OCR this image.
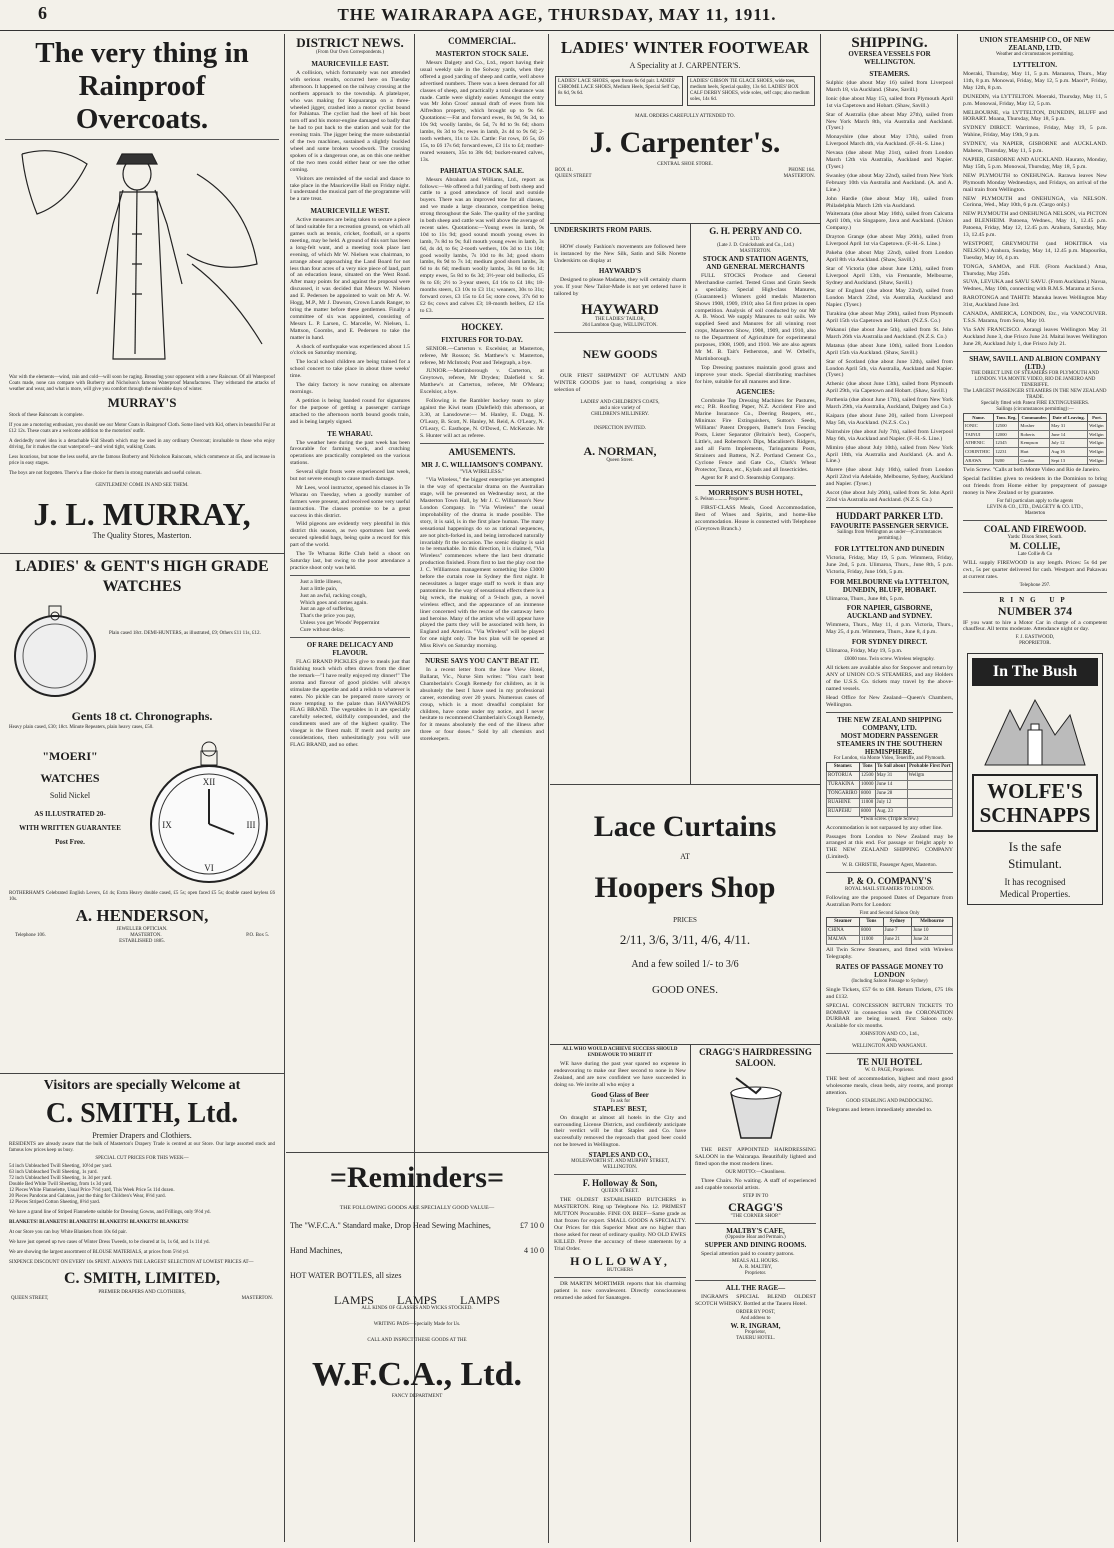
6	THE WAIRARAPA AGE, THURSDAY, MAY 11, 1911.
The very thing in Rainproof Overcoats.
War with the elements—wind, rain and cold—will soon be raging. Breasting your opponent with a new Raincoat. Of all Waterproof Coats made, none can compare with Burberry and Nicholson's famous Waterproof Manufactures. They withstand the attacks of weather and wear, and what is more, will give you comfort through the miserable days of winter.
MURRAY'S
Stock of these Raincoats is complete.
If you are a motoring enthusiast, you should see our Motor Coats in Rainproof Cloth. Some lined with Kid, others in beautiful Fur at £12 12s. These coats are a welcome addition to the motorists' outfit.
A decidedly novel idea is a detachable Kid Sheath which may be used in any ordinary Overcoat; invaluable to those who enjoy driving, for it makes the coat waterproof—and wind tight, walking Coats.
Less luxurious, but none the less useful, are the famous Burberry and Nicholson Raincoats, which commence at 45s, and increase in price in easy stages.
The boys are not forgotten. There's a fine choice for them in strong materials and useful colours.
GENTLEMEN! COME IN AND SEE THEM.
J. L. MURRAY,
The Quality Stores, Masterton.
LADIES' & GENT'S HIGH GRADE WATCHES
Plain cased 18ct. DEMI-HUNTERS, as illustrated, £9; Others £11 11s, £12.
Gents 18 ct. Chronographs.
Heavy plain cased, £30; 18ct. Minute Repeaters, plain heavy cases, £50.
"MOERI"
WATCHES
Solid Nickel
AS ILLUSTRATED 20-
WITH WRITTEN GUARANTEE
Post Free.
XII
III
VI
IX
ROTHERHAM'S Celebrated English Levers, £4 4s; Extra Heavy double cased, £5 5s; open faced £5 5s; double cased keyless £6 10s.
A. HENDERSON,
JEWELLER OPTICIAN.
Telephone 106.	MASTERTON.	P.O. Box 5.
ESTABLISHED 1885.
Visitors are specially Welcome at
C. SMITH, Ltd.
Premier Drapers and Clothiers.
RESIDENTS are already aware that the bulk of Masterton's Drapery Trade is centred at our Store. Our large assorted stock and famous low prices keep us busy.
SPECIAL CUT PRICES FOR THIS WEEK—
54 inch Unbleached Twill Sheeting, 10½d per yard.
63 inch Unbleached Twill Sheeting, 1s yard.
72 inch Unbleached Twill Sheeting, 1s 3d per yard.
Double Bed White Twill Sheeting, from 1s 3d yard.
12 Pieces White Flannelette, Usual Price 7½d yard, This Week Price 5s 11d dozen.
20 Pieces Pandoras and Galateas, just the thing for Children's Wear, 8½d yard.
12 Pieces Striped Cotton Sheeting, 8½d yard.
We have a grand line of Striped Flannelette suitable for Dressing Gowns, and Frillings, only 9½d yd.
BLANKETS! BLANKETS! BLANKETS! BLANKETS! BLANKETS! BLANKETS!
At our Store you can buy White Blankets from 10s 6d pair.
We have just opened up two cases of Winter Dress Tweeds, to be cleared at 1s, 1s 6d, and 1s 11d yd.
We are showing the largest assortment of BLOUSE MATERIALS, at prices from 5½d yd.
SIXPENCE DISCOUNT ON EVERY 10s SPENT. ALWAYS THE LARGEST SELECTION AT LOWEST PRICES AT—
C. SMITH, LIMITED,
PREMIER DRAPERS AND CLOTHIERS,
QUEEN STREET,	MASTERTON.
DISTRICT NEWS.
(From Our Own Correspondents.)
MAURICEVILLE EAST.
A collision, which fortunately was not attended with serious results, occurred here on Tuesday afternoon. It happened on the railway crossing at the northern approach to the township. A platelayer, who was making for Kopuaranga on a three-wheeled jigger, crashed into a motor cyclist bound for Pahiatua. The cyclist had the heel of his boot torn off and his motor-engine damaged so badly that he had to put back to the station and wait for the evening train. The jigger being the more substantial of the two machines, sustained a slightly buckled wheel and some broken woodwork. The crossing spoken of is a dangerous one, as on this one neither of the two men could either hear or see the other coming.
Visitors are reminded of the social and dance to take place in the Mauriceville Hall on Friday night. I understand the musical part of the programme will be a rare treat.
MAURICEVILLE WEST.
Active measures are being taken to secure a piece of land suitable for a recreation ground, on which all games such as tennis, cricket, football, or a sports meeting, may be held. A ground of this sort has been a long-felt want, and a meeting took place last evening, of which Mr W. Nielsen was chairman, to arrange about approaching the Land Board for not less than four acres of a very nice piece of land, part of an education lease, situated on the West Road. After many points for and against the proposal were discussed, it was decided that Messrs W. Nielsen and E. Pedersen be appointed to wait on Mr A. W. Hogg, M.P., Mr J. Dawson, Crown Lands Ranger, to bring the matter before these gentlemen. Finally a committee of six was appointed, consisting of Messrs L. P. Larsen, C. Marcelle, W. Nielsen, L. Mattson, Coombs, and E. Pedersen to take the matter in hand.
A shock of earthquake was experienced about 1.5 o'clock on Saturday morning.
The local school children are being trained for a school concert to take place in about three weeks' time.
The dairy factory is now running on alternate mornings.
A petition is being handed round for signatures for the purpose of getting a passenger carriage attached to the afternoon north bound goods train, and is being largely signed.
TE WHARAU.
The weather here during the past week has been favourable for farming work, and crutching operations are practically completed on the various stations.
Several slight frosts were experienced last week, but not severe enough to cause much damage.
Mr Lees, wool instructor, opened his classes in Te Wharau on Tuesday, when a goodly number of farmers were present, and received some very useful instruction. The classes promise to be a great success in this district.
Wild pigeons are evidently very plentiful in this district this season, as two sportsmen last week secured splendid bags, being quite a record for this part of the world.
The Te Wharau Rifle Club held a shoot on Saturday last, but owing to the poor attendance a practice shoot only was held.
Just a little illness,
Just a little pain,
Just an awful, racking cough,
Which goes and comes again.
Just an age of suffering,
That's the price you pay,
Unless you get Woods' Peppermint
Cure without delay.
OF RARE DELICACY AND FLAVOUR.
FLAG BRAND PICKLES give to meals just that finishing touch which often draws from the diner the remark—"I have really enjoyed my dinner!" The aroma and flavour of good pickles will always stimulate the appetite and add a relish to whatever is eaten. No pickle can be prepared more savory or more tempting to the palate than HAYWARD'S FLAG BRAND. The vegetables in it are specially carefully selected, skilfully compounded, and the condiments used are of the highest quality. The vinegar is the finest malt. If merit and purity are considerations, then unhesitatingly you will use FLAG BRAND, and no other.
COMMERCIAL.
MASTERTON STOCK SALE.
Messrs Dalgety and Co., Ltd., report having their usual weekly sale in the Solway yards, when they offered a good yarding of sheep and cattle, well above advertised numbers. There was a keen demand for all classes of sheep, and practically a total clearance was made. Cattle were slightly easier. Amongst the entry was Mr John Cross' annual draft of ewes from his Alfredton property, which brought up to 9s 6d. Quotations:—Fat and forward ewes, 8s 9d, 9s 3d, to 10s 9d; woolly lambs, 6s 5d, 7s 8d to 9s 6d; shorn lambs, 8s 3d to 9s; ewes in lamb, 2s 4d to 9s 6d; 2-tooth wethers, 11s to 12s. Cattle: Fat rows, £6 5s, £6 15s, to £6 17s 6d; forward ewes, £3 11s to £4; mother-reared weaners, 35s to 38s 6d; bucket-reared calves, 13s.
PAHIATUA STOCK SALE.
Messrs Abraham and Williams, Ltd., report as follows:—We offered a full yarding of both sheep and cattle to a good attendance of local and outside buyers. There was an improved tone for all classes, and we made a large clearance, competition being strong throughout the Sale. The quality of the yarding in both sheep and cattle was well above the average of recent sales. Quotations:—Young ewes in lamb, 9s 10d to 11s 9d; good sound mouth young ewes in lamb, 7s 8d to 9s; full mouth young ewes in lamb, 3s 6d, 4s 4d, to 6s; 2-tooth wethers, 10s 3d to 11s 10d; good woolly lambs, 7s 10d to 8s 3d; good shorn lambs, 8s 9d to 7s 1d; medium good shorn lambs, 3s 6d to 4s 6d; medium woolly lambs, 3s 8d to 6s 1d; empty ewes, 5s 8d to 6s 3d; 3½-year old bullocks, £5 8s to £6; 2½ to 3-year steers, £4 16s to £4 18s; 18-months steers, £3 10s to £3 11s; weaners, 30s to 31s; forward cows, £3 15s to £4 5s; store cows, 37s 6d to £2 6s; cows and calves £3; 18-month heifers, £2 15s to £3.
HOCKEY.
FIXTURES FOR TO-DAY.
SENIOR.—Carterton v. Excelsior, at Masterton, referee, Mr Rosson; St. Matthew's v. Masterton, referee, Mr McIntosh; Post and Telegraph, a bye.
JUNIOR.—Martinborough v. Carterton, at Greytown, referee, Mr Dryden; Dalefield v. St. Matthew's at Carterton, referee, Mr O'Meara; Excelsior, a bye.
Following is the Rambler hockey team to play against the Kiwi team (Dalefield) this afternoon, at 3.30, at Lansdowne:— M. Hanley, E. Dagg, N. O'Leary, B. Scott, N. Hanley, M. Reid, A. O'Leary, N. O'Leary, C. Easthope, N. O'Dowd, C. McKenzie. Mr S. Hunter will act as referee.
AMUSEMENTS.
MR J. C. WILLIAMSON'S COMPANY.
"VIA WIRELESS."
"Via Wireless," the biggest enterprise yet attempted in the way of spectacular drama on the Australian stage, will be presented on Wednesday next, at the Masterton Town Hall, by Mr J. C. Williamson's New London Company. In "Via Wireless" the usual improbability of the drama is made possible. The story, it is said, is in the first place human. The many sensational happenings do so as rational sequences, are not pitch-forked in, and being introduced naturally invariably fit the occasion. The scenic display is said to be remarkable. In this direction, it is claimed, "Via Wireless" commences where the last best dramatic production finished. From first to last the play cost the J. C. Williamson management something like £3000 before the curtain rose in Sydney the first night. It necessitates a larger stage staff to work it than any pantomime. In the way of sensational effects there is a big wreck, the making of a 9-inch gun, a novel wireless effect, and the appearance of an immense liner concerned with the rescue of the castaway hero and heroine. Many of the artists who will appear have played the parts they will be associated with here, in England and America. "Via Wireless" will be played for one night only. The box plan will be opened at Miss Rive's on Saturday morning.
NURSE SAYS YOU CAN'T BEAT IT.
In a recent letter from the Inne View Hotel, Ballarat, Vic., Nurse Sim writes: "You can't beat Chamberlain's Cough Remedy for children, as it is absolutely the best I have used in my professional career, extending over 20 years. Numerous cases of croup, which is a most dreadful complaint for children, have come under my notice, and I never hesitate to recommend Chamberlain's Cough Remedy, for it means absolutely the end of the illness after three or four doses." Sold by all chemists and storekeepers.
=Reminders=
THE FOLLOWING GOODS ARE SPECIALLY GOOD VALUE—
The "W.F.C.A." Standard make, Drop Head Sewing Machines,	£7 10 0
Hand Machines,	4 10 0
HOT WATER BOTTLES, all sizes
LAMPS LAMPS LAMPS
ALL KINDS OF GLASSES AND WICKS STOCKED.
WRITING PADS—Specially Made for Us.
CALL AND INSPECT THESE GOODS AT THE
W.F.C.A., Ltd.
FANCY DEPARTMENT
LADIES' WINTER FOOTWEAR
A Speciality at J. CARPENTER'S.
LADIES' LACE SHOES, open fronts 6s 6d pair. LADIES' CHROME LACE SHOES, Medium Heels, Special Self Cap, 8s 6d, 9s 6d.
LADIES' GIBSON TIE GLACE SHOES, wide toes, medium heels, Special quality, 13s 6d. LADIES' BOX CALF DERBY SHOES, wide soles, self caps; also medium soles, 14s 6d.
MAIL ORDERS CAREFULLY ATTENDED TO.
J. Carpenter's.
CENTRAL SHOE STORE.
BOX 41.	PHONE 164.
QUEEN STREET	MASTERTON.
UNDERSKIRTS FROM PARIS.
HOW closely Fashion's movements are followed here is instanced by the New Silk, Satin and Silk Norette Underskirts on display at
HAYWARD'S
Designed to please Madame, they will certainly charm you. If your New Tailor-Made is not yet ordered have it tailored by
HAYWARD
THE LADIES' TAILOR,
204 Lambton Quay, WELLINGTON.
NEW GOODS
OUR FIRST SHIPMENT OF AUTUMN AND WINTER GOODS just to hand, comprising a nice selection of
LADIES' AND CHILDREN'S COATS,
and a nice variety of
CHILDREN'S MILLINERY.
INSPECTION INVITED.
A. NORMAN,
Queen Street.
G. H. PERRY AND CO.
LTD.
(Late J. D. Cruickshank and Co., Ltd.)
MASTERTON.
STOCK AND STATION AGENTS, AND GENERAL MERCHANTS
FULL STOCKS Produce and General Merchandise carried. Tested Grass and Grain Seeds a speciality. Special High-class Manures, (Guaranteed.) Winners gold medals Masterton Shows 1908, 1909, 1910; also 54 first prizes in open competition. Analysis of soil conducted by our Mr A. B. Wood. We supply Manures to suit soils. We supplied Seed and Manures for all winning root crops, Masterton Show, 1908, 1909, and 1910, also to the Department of Agriculture for experimental purposes, 1908, 1909, and 1910. We are also agents Mr M. B. Tait's Fetherston, and W. Orbell's, Martinborough.
Top Dressing pastures maintain good grass and improve your stock. Special distributing machines for hire, suitable for all manures and lime.
AGENCIES:
Cornbrake Top Dressing Machines for Pastures, etc.; P.B. Roofing Paper, N.Z. Accident Fire and Marine Insurance Co., Deering Reapers, etc., Minimax Fire Extinguishers, Sutton's Seeds, Williams' Patent Droppers, Butter's Iron Fencing Posts, Lister Separator (Britain's best), Cooper's, Little's, and Robertson's Dips, Macalister's Ridgers, and all Farm Implements, Taringamutu Posts, Strainers and Battens, N.Z. Portland Cement Co., Cyclone Fence and Gate Co., Clark's Wheat Protector, Tanza, etc., Kylads and all Insecticides.
Agent for P. and O. Steamship Company.
MORRISON'S BUSH HOTEL,
S. Pelson .......... Proprietor.
FIRST-CLASS Meals, Good Accommodation, Best of Wines and Spirits, and home-like accommodation. House is connected with Telephone (Greytown Branch.)
Lace Curtains
AT
Hoopers Shop
PRICES
2/11, 3/6, 3/11, 4/6, 4/11.
And a few soiled 1/- to 3/6
GOOD ONES.
ALL WHO WOULD ACHIEVE SUCCESS SHOULD ENDEAVOUR TO MERIT IT
WE have during the past year spared no expense in endeavouring to make our Beer second to none in New Zealand, and are now confident we have succeeded in doing so. We invite all who enjoy a
Good Glass of Beer
To ask for
STAPLES' BEST,
On draught at almost all hotels in the City and surrounding License Districts, and confidently anticipate their verdict will be that Staples and Co. have successfully removed the reproach that good beer could not be brewed in Wellington.
STAPLES AND CO.,
MOLESWORTH ST. AND MURPHY STREET,
WELLINGTON.
F. Holloway & Son,
QUEEN STREET.
THE OLDEST ESTABLISHED BUTCHERS in MASTERTON. Ring up Telephone No. 12. PRIMEST MUTTON Procurable. FINE OX BEEF—Same grade as that frozen for export. SMALL GOODS A SPECIALTY. Our Prices for this Superior Meat are no higher than those asked for meat of ordinary quality. NO OLD EWES KILLED. Prove the accuracy of these statements by a Trial Order.
HOLLOWAY,
BUTCHERS
DR MARTIN MORTIMER reports that his charming patient is now convalescent. Directly consciousness returned she asked for Sanatogen.
CRAGG'S HAIRDRESSING SALOON.
THE BEST APPOINTED HAIRDRESSING SALOON in the Wairarapa. Beautifully lighted and fitted upon the most modern lines.
OUR MOTTO:—Cleanliness.
Three Chairs. No waiting. A staff of experienced and capable tonsorial artists.
STEP IN TO
CRAGG'S
"THE CORNER SHOP."
MALTBY'S CAFE,
(Opposite Hoar and Permain.)
SUPPER AND DINING ROOMS.
Special attention paid to country patrons.
MEALS ALL HOURS.
A. R. MALTBY,
Proprietor.
ALL THE RAGE—
INGRAM'S SPECIAL BLEND OLDEST SCOTCH WHISKY. Bottled at the Taueru Hotel.
ORDER BY POST,
And address to
W. R. INGRAM,
Proprietor,
TAUERU HOTEL.
SHIPPING.
OVERSEA VESSELS FOR WELLINGTON.
STEAMERS.
Sulphic (due about May 16) sailed from Liverpool March 18, via Auckland. (Shaw, Savill.)
Ionic (due about May 15), sailed from Plymouth April 1st via Capetown and Hobart. (Shaw, Savill.)
Star of Australia (due about May 27th), sailed from New York March 8th, via Australia and Auckland. (Tyser.)
Monayshire (due about May 17th), sailed from Liverpool March 4th, via Auckland. (F.-H.-S. Line.)
Nevasa (due about May 21st), sailed from London March 12th via Australia, Auckland and Napier. (Tyser.)
Swanley (due about May 22nd), sailed from New York February 10th via Australia and Auckland. (A. and A. Line.)
John Hardie (due about May 18), sailed from Philadelphia March 12th via Auckland.
Waitemata (due about May 16th), sailed from Calcutta April 10th, via Singapore, Java and Auckland. (Union Company.)
Drayton Grange (due about May 26th), sailed from Liverpool April 1st via Capetown. (F.-H.-S. Line.)
Pakeha (due about May 22nd), sailed from London April 8th via Auckland. (Shaw, Savill.)
Star of Victoria (due about June 12th), sailed from Liverpool April 13th, via Fremantle, Melbourne, Sydney and Auckland. (Shaw, Savill.)
Star of England (due about May 22nd), sailed from London March 22nd, via Australia, Auckland and Napier. (Tyser.)
Turakina (due about May 29th), sailed from Plymouth April 15th via Capetown and Hobart. (N.Z.S. Co.)
Wakanui (due about June 5th), sailed from St. John March 26th via Australia and Auckland. (N.Z.S. Co.)
Matatua (due about June 10th), sailed from London April 15th via Auckland. (Shaw, Savill.)
Star of Scotland (due about June 12th), sailed from London April 5th, via Australia, Auckland and Napier. (Tyser.)
Athenic (due about June 13th), sailed from Plymouth April 29th, via Capetown and Hobart. (Shaw, Savill.)
Parthenia (due about June 17th), sailed from New York March 29th, via Australia, Auckland, Dalgety and Co.)
Kaipara (due about June 20), sailed from Liverpool May 5th, via Auckland. (N.Z.S. Co.)
Nairnshire (due about July 7th), sailed from Liverpool May 6th, via Auckland and Napier. (F.-H.-S. Line.)
Mimiro (due about July 10th), sailed from New York April 18th, via Australia and Auckland. (A. and A. Line.)
Marere (due about July 16th), sailed from London April 22nd via Adelaide, Melbourne, Sydney, Auckland and Napier. (Tyser.)
Ascot (due about July 26th), sailed from St. John April 22nd via Australia and Auckland. (N.Z.S. Co.)
HUDDART PARKER LTD.
FAVOURITE PASSENGER SERVICE.
Sailings from Wellington as under—(Circumstances permitting.)
FOR LYTTELTON AND DUNEDIN
Victoria, Friday, May 19, 5 p.m. Wimmera, Friday, June 2nd, 5 p.m. Ulimaroa, Thurs., June 8th, 5 p.m. Victoria, Friday, June 16th, 5 p.m.
FOR MELBOURNE via LYTTELTON, DUNEDIN, BLUFF, HOBART.
Ulimaroa, Thurs., June 8th, 5 p.m.
FOR NAPIER, GISBORNE, AUCKLAND and SYDNEY.
Wimmera, Thurs., May 11, 4 p.m. Victoria, Thurs., May 25, 4 p.m. Wimmera, Thurs., June 8, 4 p.m.
FOR SYDNEY DIRECT.
Ulimaroa, Friday, May 19, 5 p.m.
£6000 tons. Twin screw. Wireless telegraphy.
All tickets are available also for Stopover and return by ANY of UNION CO.'S STEAMERS, and any Holders of the U.S.S. Co. tickets may travel by the above-named vessels.
Head Office for New Zealand—Queen's Chambers, Wellington.
THE NEW ZEALAND SHIPPING COMPANY, LTD.
MOST MODERN PASSENGER STEAMERS IN THE SOUTHERN HEMISPHERE.
For London, via Monte Video, Teneriffe, and Plymouth.
Steamer.	Tons	To Sail about	Probable First Port
ROTORUA	12500	May 31	Wellgtn
TURAKINA	10000	June 14	
TONGARIRO	8000	June 28	
RUAHINE	11000	July 12	
RUAPEHU	8000	Aug. 23	
*Twin screw. (Triple Screw.)
Accommodation is not surpassed by any other line.
Passages from London to New Zealand may be arranged at this end. For passage or freight apply to THE NEW ZEALAND SHIPPING COMPANY (Limited).
W. B. CHRISTIE, Passenger Agent, Masterton.
P. & O. COMPANY'S
ROYAL MAIL STEAMERS TO LONDON.
Following are the proposed Dates of Departure from Australian Ports for London:
First and Second Saloon Only
Steamer	Tons	Sydney	Melbourne
CHINA	8000	June 7	June 10
MALWA	11000	June 21	June 24
All Twin Screw Steamers, and fitted with Wireless Telegraphy.
RATES OF PASSAGE MONEY TO LONDON
(Including Saloon Passage to Sydney)
Single Tickets, £57 6s to £88. Return Tickets, £75 18s and £132.
SPECIAL CONCESSION RETURN TICKETS TO BOMBAY in connection with the CORONATION DURBAR are being issued. First Saloon only. Available for six months.
JOHNSTON AND CO., Ltd.,
Agents,
WELLINGTON AND WANGANUI.
TE NUI HOTEL
W. O. PAGE, Proprietor.
THE best of accommodation, highest and most good wholesome meals, clean beds, airy rooms, and prompt attention.
GOOD STABLING AND PADDOCKING.
Telegrams and letters immediately attended to.
UNION STEAMSHIP CO., OF NEW ZEALAND, LTD.
Weather and circumstances permitting.
LYTTELTON.
Moeraki, Thursday, May 11, 5 p.m. Maraaroa, Thurs., May 11th, 8 p.m. Monowai, Friday, May 12, 5 p.m. Maori*, Friday, May 12th, 8 p.m.
DUNEDIN, via LYTTELTON. Moeraki, Thursday, May 11, 5 p.m. Monowai, Friday, May 12, 5 p.m.
MELBOURNE, via LYTTELTON, DUNEDIN, BLUFF and HOBART. Moana, Thursday, May 18, 5 p.m.
SYDNEY DIRECT. Warrimoo, Friday, May 19, 5 p.m. Wahine, Friday, May 19th, 9 p.m.
SYDNEY, via NAPIER, GISBORNE and AUCKLAND. Maheno, Thursday, May 11, 5 p.m.
NAPIER, GISBORNE AND AUCKLAND. Haurato, Monday, May 15th, 5 p.m. Monowai, Thursday, May 18, 5 p.m.
NEW PLYMOUTH to ONEHUNGA. Rarawa leaves New Plymouth Monday Wednesdays, and Fridays, on arrival of the mail train from Wellington.
NEW PLYMOUTH and ONEHUNGA, via NELSON. Corinna, Wed., May 10th, 6 p.m. (Cargo only.)
NEW PLYMOUTH and ONEHUNGA NELSON, via PICTON and BLENHEIM. Patoena, Wednes., May 11, 12.45 p.m. Patoena, Friday, May 12, 12.45 p.m. Arahura, Saturday, May 13, 12.45 p.m.
WESTPORT, GREYMOUTH (and HOKITIKA via NELSON.) Arahura, Sunday, May 14, 12.45 p.m. Mapourika, Tuesday, May 16, 4 p.m.
TONGA, SAMOA, and FIJI. (From Auckland.) Atua, Thursday, May 25th.
SUVA, LEVUKA and SAVU SAVU. (From Auckland.) Navua, Wednes., May 10th, connecting with R.M.S. Marama at Suva.
RAROTONGA and TAHITI: Manuka leaves Wellington May 31st, Auckland June 3rd.
CANADA, AMERICA, LONDON, Etc., via VANCOUVER. T.S.S. Marama, from Suva, May 10.
Via SAN FRANCISCO. Aorangi leaves Wellington May 31 Auckland June 3, due Frisco June 24. Maitai leaves Wellington June 28, Auckland July 1, due Frisco July 21.
SHAW, SAVILL AND ALBION COMPANY (LTD.)
THE DIRECT LINE OF STEAMERS FOR PLYMOUTH AND LONDON. VIA MONTE VIDEO, RIO DE JANEIRO AND TENERIFFE.
The LARGEST PASSENGER STEAMERS IN THE NEW ZEALAND TRADE.
Specially fitted with Patent FIRE EXTINGUISHERS.
Sailings (circumstances permitting):—
Name.	Tons. Reg.	Commander.	Date of Leaving.	Port.
IONIC	12500	Mosher	May 31	Wellgtn
TAINUI	12000	Roberts	June 14	Wellgtn
ATHENIC	12345	Kempson	July 12	Wellgtn
CORINTHIC	12231	Hart	Aug 16	Wellgtn
ARAWA	9200	Gordon	Sept 13	Wellgtn
Twin Screw. "Calls at both Monte Video and Rio de Janeiro.
Special facilities given to residents in the Dominion to bring out friends from Home either by prepayment of passage money in New Zealand or by guarantee.
For full particulars apply to the agents
LEVIN & CO., LTD., DALGETY & CO. LTD.,
Masterton
COAL AND FIREWOOD.
Yards: Dixon Street, South.
M. COLLIE,
Late Collie & Co
WILL supply FIREWOOD in any length. Prices: 5s 6d per cwt., 5s per quarter delivered for cash. Westport and Pakawau at current rates.
Telephone 297.
RING UP
NUMBER 374
IF you want to hire a Motor Car in charge of a competent chauffeur. All terms moderate. Attendance night or day.
F. J. EASTWOOD,
PROPRIETOR.
In The Bush
WOLFE'S SCHNAPPS
Is the safe
Stimulant.
It has recognised
Medical Properties.
